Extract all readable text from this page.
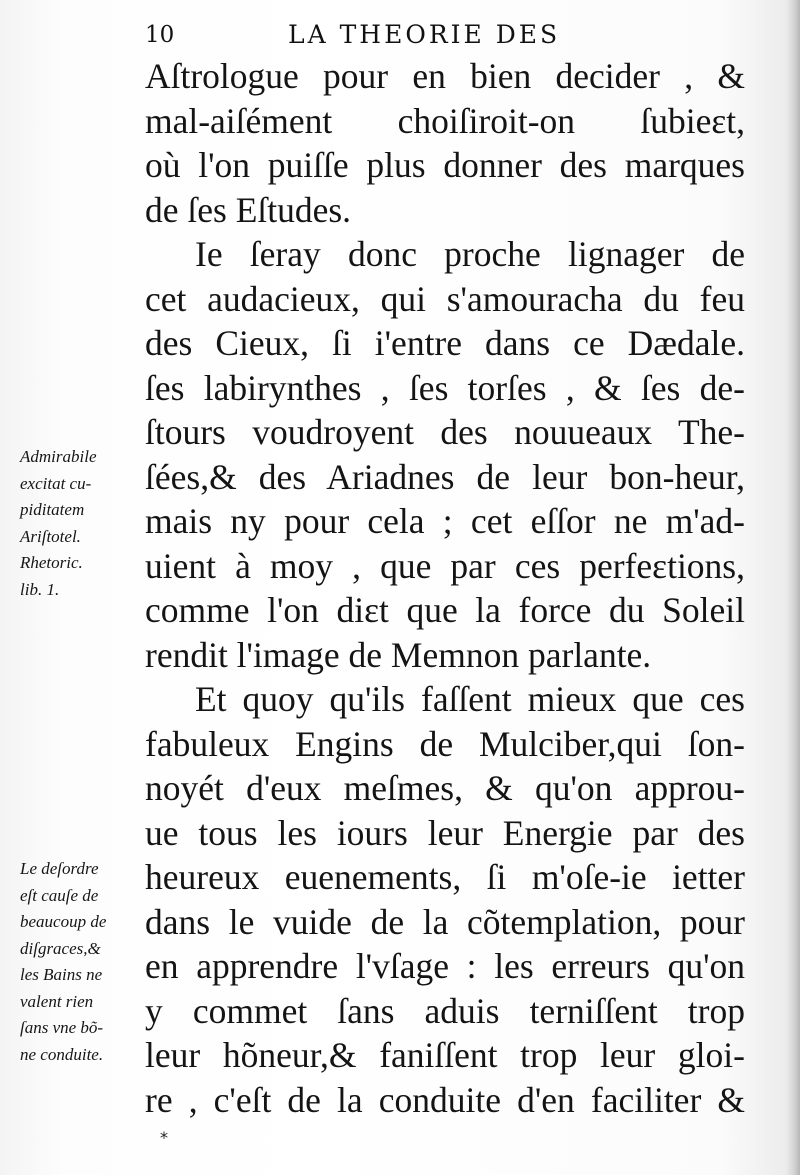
10	LA THEORIE DES
Aſtrologue pour en bien decider , &
mal-aiſément choiſiroit-on ſubieɛt,
où l'on puiſſe plus donner des marques
de ſes Eſtudes.
Ie ſeray donc proche lignager de
cet audacieux, qui s'amouracha du feu
des Cieux, ſi i'entre dans ce Dædale.
ſes labirynthes , ſes torſes , & ſes de-
ſtours voudroyent des nouueaux The-
ſées,& des Ariadnes de leur bon-heur,
mais ny pour cela ; cet eſſor ne m'ad-
uient à moy , que par ces perfeɛtions,
comme l'on diɛt que la force du Soleil
rendit l'image de Memnon parlante.
Et quoy qu'ils faſſent mieux que ces
fabuleux Engins de Mulciber,qui ſon-
noyét d'eux meſmes, & qu'on approu-
ue tous les iours leur Energie par des
heureux euenements, ſi m'oſe-ie ietter
dans le vuide de la cõtemplation, pour
en apprendre l'vſage : les erreurs qu'on
y commet ſans aduis terniſſent trop
leur hõneur,& faniſſent trop leur gloi-
re , c'eſt de la conduite d'en faciliter &
Admirabile
excitat cu-
piditatem
Ariſtotel.
Rhetoric.
lib. 1.
Le deſordre
eſt cauſe de
beaucoup de
diſgraces,&
les Bains ne
valent rien
ſans vne bõ-
ne conduite.
*
